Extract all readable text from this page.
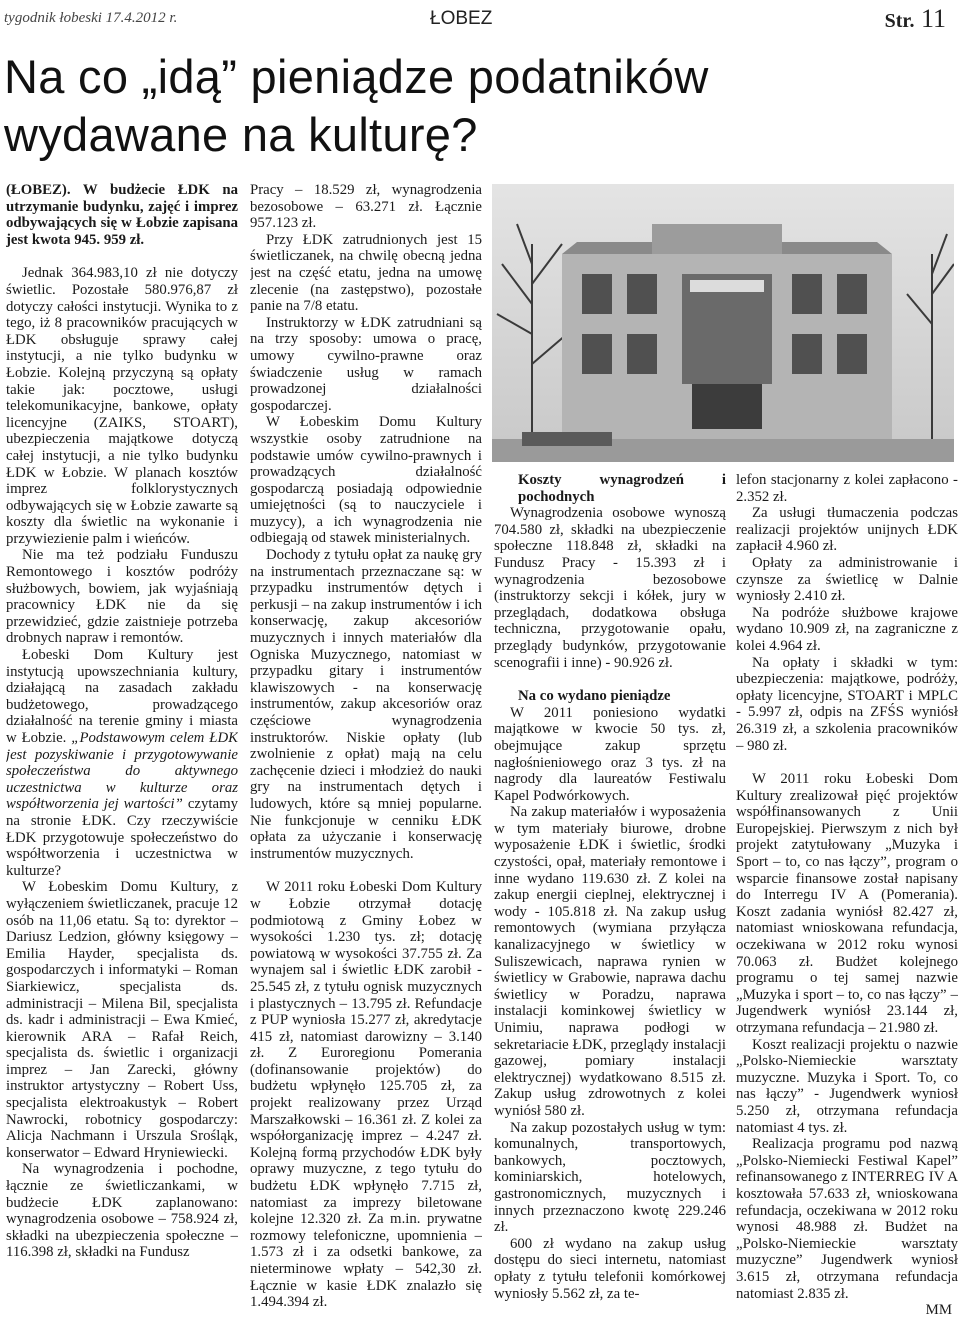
tygodnik łobeski 17.4.2012 r.	ŁOBEZ	Str. 11
Na co „idą” pieniądze podatników wydawane na kulturę?

(ŁOBEZ). W budżecie ŁDK na utrzymanie budynku, zajęć i imprez odbywających się w Łobzie zapisana jest kwota 945. 959 zł.

Jednak 364.983,10 zł nie dotyczy świetlic. Pozostałe 580.976,87 zł dotyczy całości instytucji. Wynika to z tego, iż 8 pracowników pracujących w ŁDK obsługuje sprawy całej instytucji, a nie tylko budynku w Łobzie. Kolejną przyczyną są opłaty takie jak: pocztowe, usługi telekomunikacyjne, bankowe, opłaty licencyjne (ZAIKS, STOART), ubezpieczenia majątkowe dotyczą całej instytucji, a nie tylko budynku ŁDK w Łobzie. W planach kosztów imprez folklorystycznych odbywających się w Łobzie zawarte są koszty dla świetlic na wykonanie i przywiezienie palm i wieńców.

Nie ma też podziału Funduszu Remontowego i kosztów podróży służbowych, bowiem, jak wyjaśniają pracownicy ŁDK nie da się przewidzieć, gdzie zaistnieje potrzeba drobnych napraw i remontów.

Łobeski Dom Kultury jest instytucją upowszechniania kultury, działającą na zasadach zakładu budżetowego, prowadzącego działalność na terenie gminy i miasta w Łobzie. „Podstawowym celem ŁDK jest pozyskiwanie i przygotowywanie społeczeństwa do aktywnego uczestnictwa w kulturze oraz współtworzenia jej wartości” czytamy na stronie ŁDK. Czy rzeczywiście ŁDK przygotowuje społeczeństwo do współtworzenia i uczestnictwa w kulturze?

W Łobeskim Domu Kultury, z wyłączeniem świetliczanek, pracuje 12 osób na 11,06 etatu. Są to: dyrektor – Dariusz Ledzion, główny księgowy – Emilia Hayder, specjalista ds. gospodarczych i informatyki – Roman Siarkiewicz, specjalista ds. administracji – Milena Bil, specjalista ds. kadr i administracji – Ewa Kmieć, kierownik ARA – Rafał Reich, specjalista ds. świetlic i organizacji imprez – Jan Zarecki, główny instruktor artystyczny – Robert Uss, specjalista elektroakustyk – Robert Nawrocki, robotnicy gospodarczy: Alicja Nachmann i Urszula Srośląk, konserwator – Edward Hryniewiecki.

Na wynagrodzenia i pochodne, łącznie ze świetliczankami, w budżecie ŁDK zaplanowano: wynagrodzenia osobowe – 758.924 zł, składki na ubezpieczenia społeczne – 116.398 zł, składki na Fundusz

Pracy – 18.529 zł, wynagrodzenia bezosobowe – 63.271 zł. Łącznie 957.123 zł.

Przy ŁDK zatrudnionych jest 15 świetliczanek, na chwilę obecną jedna jest na część etatu, jedna na umowę zlecenie (na zastępstwo), pozostałe panie na 7/8 etatu.

Instruktorzy w ŁDK zatrudniani są na trzy sposoby: umowa o pracę, umowy cywilno-prawne oraz świadczenie usług w ramach prowadzonej działalności gospodarczej.

W Łobeskim Domu Kultury wszystkie osoby zatrudnione na podstawie umów cywilno-prawnych i prowadzących działalność gospodarczą posiadają odpowiednie umiejętności (są to nauczyciele i muzycy), a ich wynagrodzenia nie odbiegają od stawek ministerialnych.

Dochody z tytułu opłat za naukę gry na instrumentach przeznaczane są: w przypadku instrumentów dętych i perkusji – na zakup instrumentów i ich konserwację, zakup akcesoriów muzycznych i innych materiałów dla Ogniska Muzycznego, natomiast w przypadku gitary i instrumentów klawiszowych - na konserwację instrumentów, zakup akcesoriów oraz częściowe wynagrodzenia instruktorów. Niskie opłaty (lub zwolnienie z opłat) mają na celu zachęcenie dzieci i młodzież do nauki gry na instrumentach dętych i ludowych, które są mniej popularne. Nie funkcjonuje w cenniku ŁDK opłata za użyczanie i konserwację instrumentów muzycznych.

W 2011 roku Łobeski Dom Kultury w Łobzie otrzymał dotację podmiotową z Gminy Łobez w wysokości 1.230 tys. zł; dotację powiatową w wysokości 37.755 zł. Za wynajem sal i świetlic ŁDK zarobił - 25.545 zł, z tytułu ognisk muzycznych i plastycznych – 13.795 zł. Refundacje z PUP wyniosła 15.277 zł, akredytacje 415 zł, natomiast darowizny – 3.140 zł. Z Euroregionu Pomerania (dofinansowanie projektów) do budżetu wpłynęło 125.705 zł, za projekt realizowany przez Urząd Marszałkowski – 16.361 zł. Z kolei za współorganizację imprez – 4.247 zł. Kolejną formą przychodów ŁDK były oprawy muzyczne, z tego tytułu do budżetu ŁDK wpłynęło 7.715 zł, natomiast za imprezy biletowane kolejne 12.320 zł. Za m.in. prywatne rozmowy telefoniczne, upomnienia – 1.573 zł i za odsetki bankowe, za nieterminowe wpłaty – 542,30 zł. Łącznie w kasie ŁDK znalazło się 1.494.394 zł.

Koszty wynagrodzeń i pochodnych

Wynagrodzenia osobowe wynoszą 704.580 zł, składki na ubezpieczenie społeczne 118.848 zł, składki na Fundusz Pracy - 15.393 zł i wynagrodzenia bezosobowe (instruktorzy sekcji i kółek, jury w przeglądach, dodatkowa obsługa techniczna, przygotowanie opału, przeglądy budynków, przygotowanie scenografii i inne) - 90.926 zł.

Na co wydano pieniądze

W 2011 poniesiono wydatki majątkowe w kwocie 50 tys. zł, obejmujące zakup sprzętu nagłośnieniowego oraz 3 tys. zł na nagrody dla laureatów Festiwalu Kapel Podwórkowych.

Na zakup materiałów i wyposażenia w tym materiały biurowe, drobne wyposażenie ŁDK i świetlic, środki czystości, opał, materiały remontowe i inne wydano 119.630 zł. Z kolei na zakup energii cieplnej, elektrycznej i wody - 105.818 zł. Na zakup usług remontowych (wymiana przyłącza kanalizacyjnego w świetlicy w Suliszewicach, naprawa rynien w świetlicy w Grabowie, naprawa dachu świetlicy w Poradzu, naprawa instalacji kominkowej świetlicy w Unimiu, naprawa podłogi w sekretariacie ŁDK, przeglądy instalacji gazowej, pomiary instalacji elektrycznej) wydatkowano 8.515 zł. Zakup usług zdrowotnych z kolei wyniósł 580 zł.

Na zakup pozostałych usług w tym: komunalnych, transportowych, bankowych, pocztowych, kominiarskich, hotelowych, gastronomicznych, muzycznych i innych przeznaczono kwotę 229.246 zł.

600 zł wydano na zakup usług dostępu do sieci internetu, natomiast opłaty z tytułu telefonii komórkowej wyniosły 5.562 zł, za te-

lefon stacjonarny z kolei zapłacono - 2.352 zł.

Za usługi tłumaczenia podczas realizacji projektów unijnych ŁDK zapłacił 4.960 zł.

Opłaty za administrowanie i czynsze za świetlicę w Dalnie wyniosły 2.410 zł.

Na podróże służbowe krajowe wydano 10.909 zł, na zagraniczne z kolei 4.964 zł.

Na opłaty i składki w tym: ubezpieczenia: majątkowe, podróży, opłaty licencyjne, STOART i MPLC - 5.997 zł, odpis na ZFŚS wyniósł 26.319 zł, a szkolenia pracowników – 980 zł.

W 2011 roku Łobeski Dom Kultury zrealizował pięć projektów współfinansowanych z Unii Europejskiej. Pierwszym z nich był projekt zatytułowany „Muzyka i Sport – to, co nas łączy”, program o wsparcie finansowe został napisany do Interregu IV A (Pomerania). Koszt zadania wyniósł 82.427 zł, natomiast wnioskowana refundacja, oczekiwana w 2012 roku wynosi 70.063 zł. Budżet kolejnego programu o tej samej nazwie „Muzyka i sport – to, co nas łączy” – Jugendwerk wyniósł 23.144 zł, otrzymana refundacja – 21.980 zł.

Koszt realizacji projektu o nazwie „Polsko-Niemieckie warsztaty muzyczne. Muzyka i Sport. To, co nas łączy” - Jugendwerk wyniosł 5.250 zł, otrzymana refundacja natomiast 4 tys. zł.

Realizacja programu pod nazwą „Polsko-Niemiecki Festiwal Kapel” refinansowanego z INTERREG IV A kosztowała 57.633 zł, wnioskowana refundacja, oczekiwana w 2012 roku wynosi 48.988 zł. Budżet na „Polsko-Niemieckie warsztaty muzyczne” Jugendwerk wyniosł 3.615 zł, otrzymana refundacja natomiast 2.835 zł.

MM
